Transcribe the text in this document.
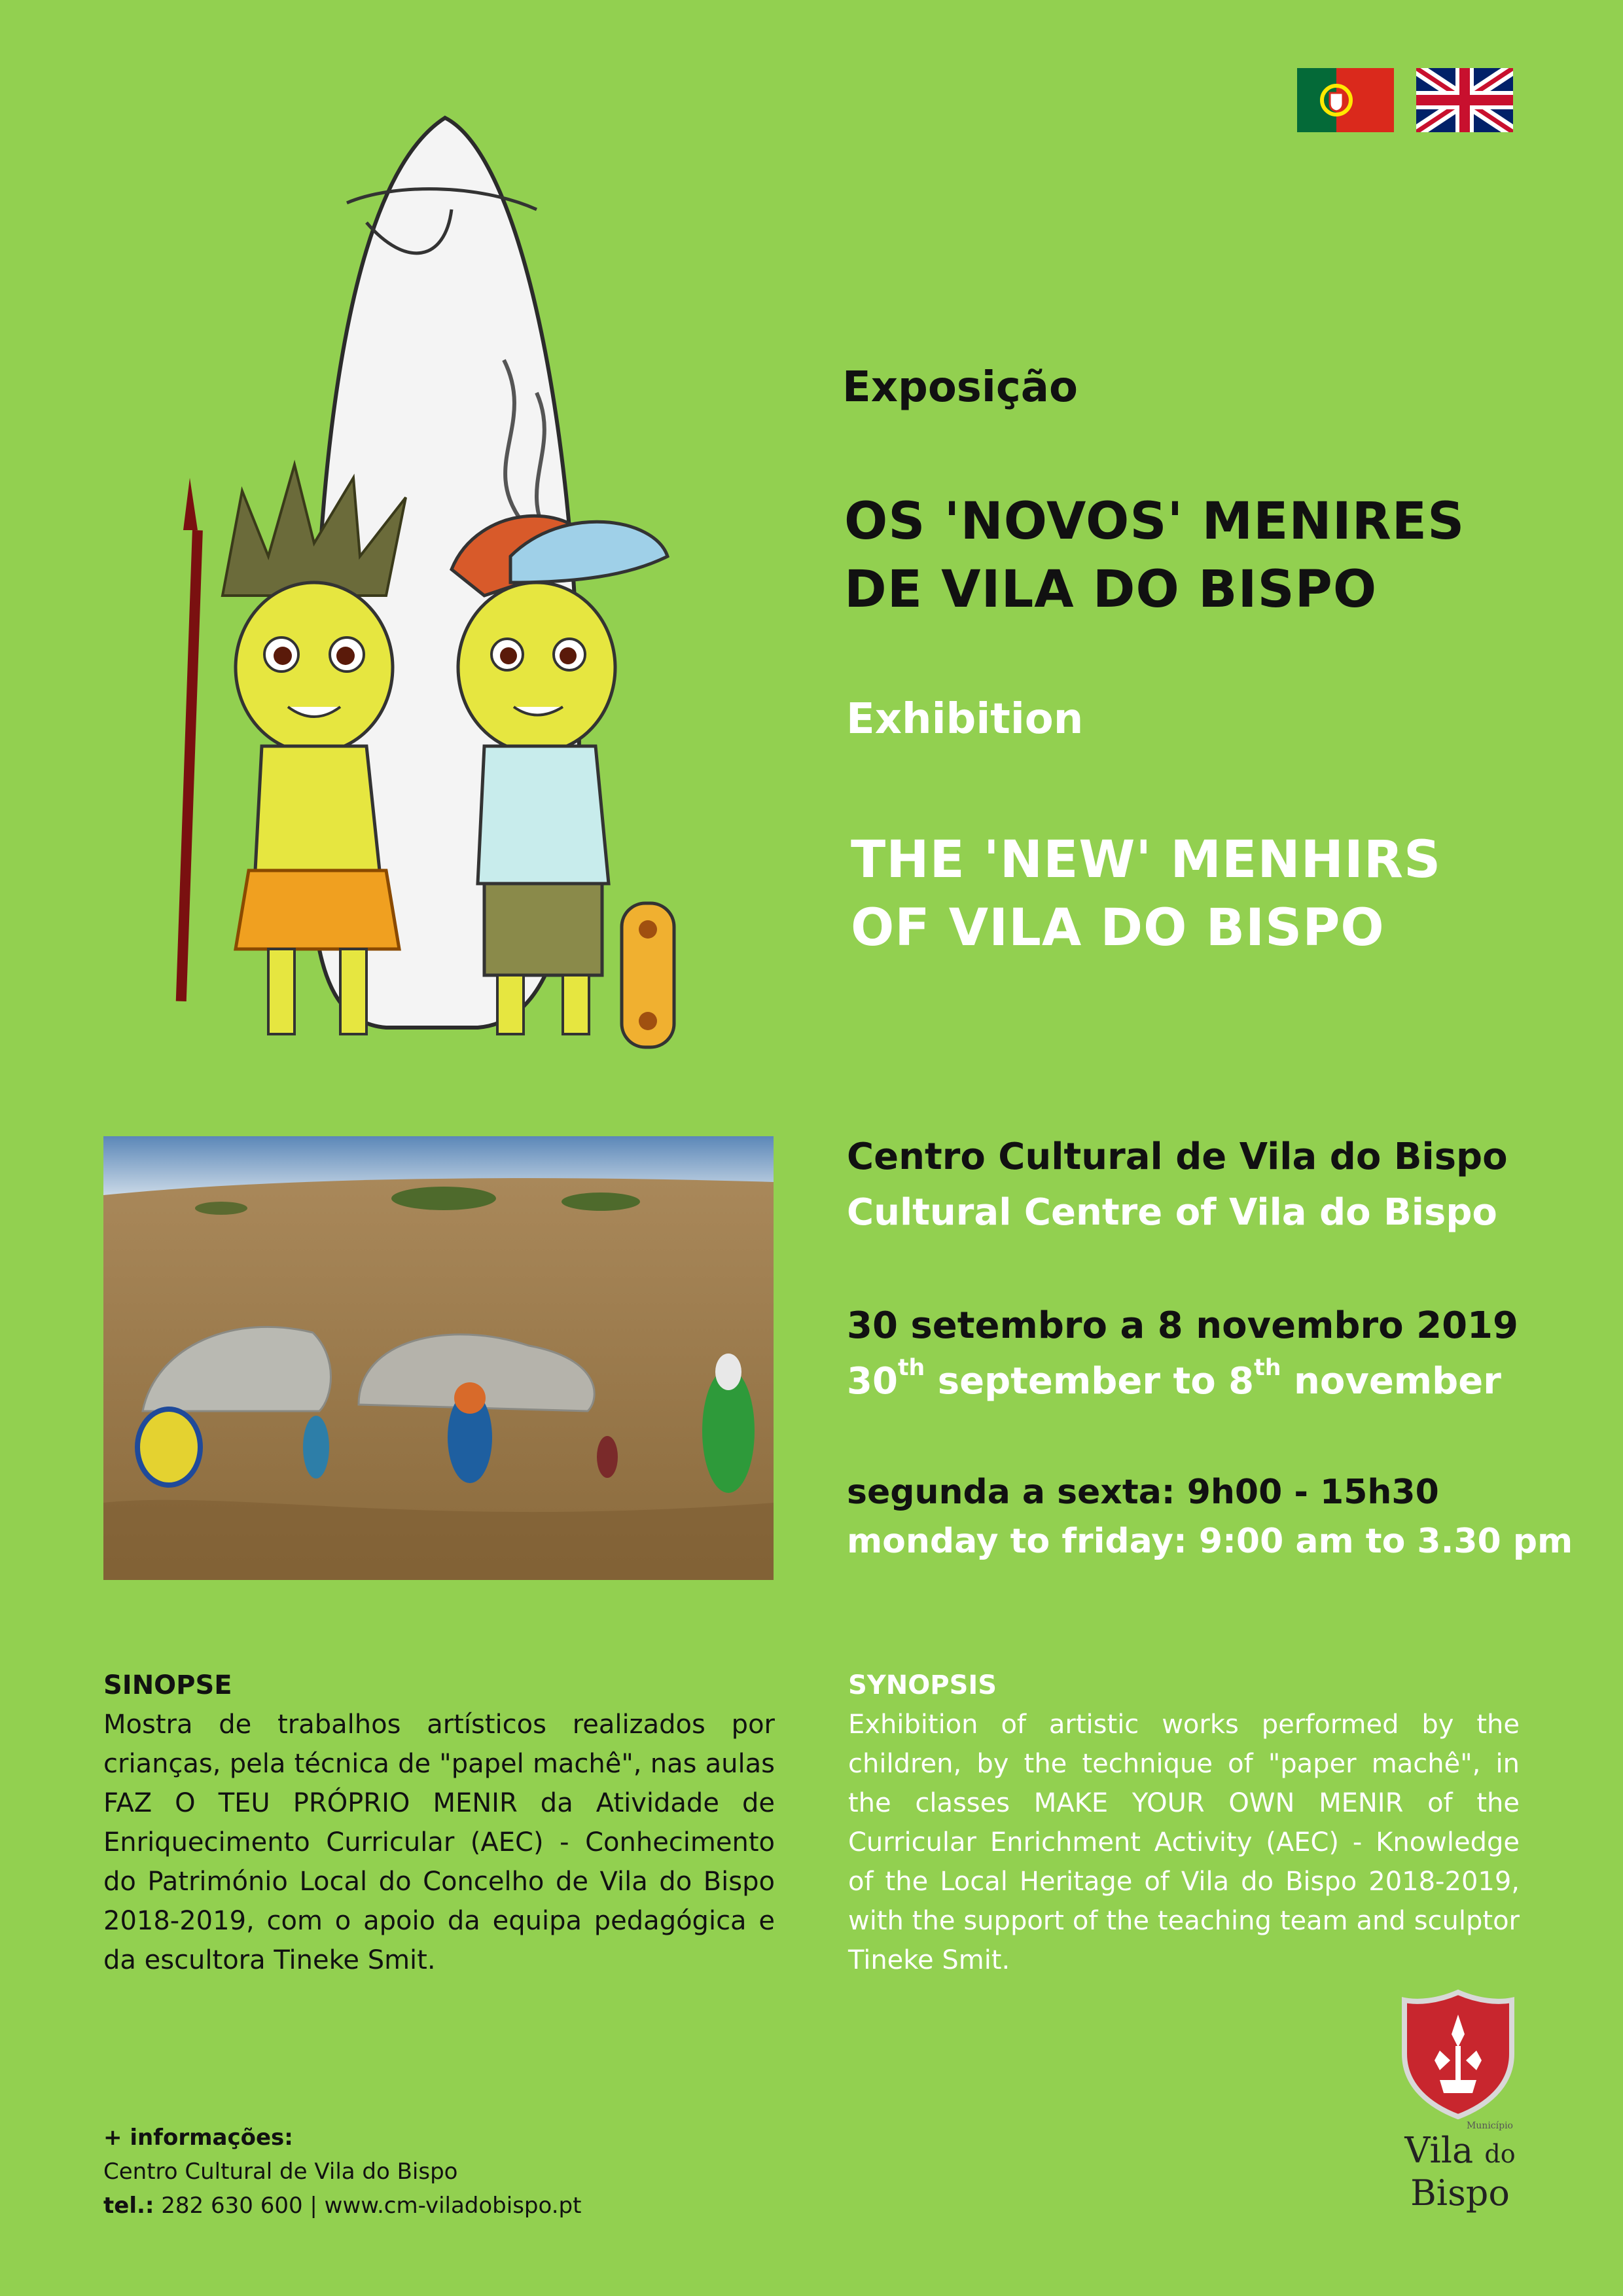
Exposição
OS 'NOVOS' MENIRES
DE VILA DO BISPO
Exhibition
THE 'NEW' MENHIRS
OF VILA DO BISPO
Centro Cultural de Vila do Bispo
Cultural Centre of Vila do Bispo
30 setembro a 8 novembro 2019
30th september to 8th november
segunda a sexta: 9h00 - 15h30
monday to friday: 9:00 am to 3.30 pm
SINOPSE
Mostra de trabalhos artísticos realizados por crianças, pela técnica de "papel machê", nas aulas FAZ O TEU PRÓPRIO MENIR da Atividade de Enriquecimento Curricular (AEC) - Conhecimento do Património Local do Concelho de Vila do Bispo 2018-2019, com o apoio da equipa pedagógica e da escultora Tineke Smit.
SYNOPSIS
Exhibition of artistic works performed by the children, by the technique of "paper machê", in the classes MAKE YOUR OWN MENIR of the Curricular Enrichment Activity (AEC) - Knowledge of the Local Heritage of Vila do Bispo 2018-2019, with the support of the teaching team and sculptor Tineke Smit.
+ informações:
Centro Cultural de Vila do Bispo
tel.: 282 630 600 | www.cm-viladobispo.pt
Município
Vila do
Bispo
